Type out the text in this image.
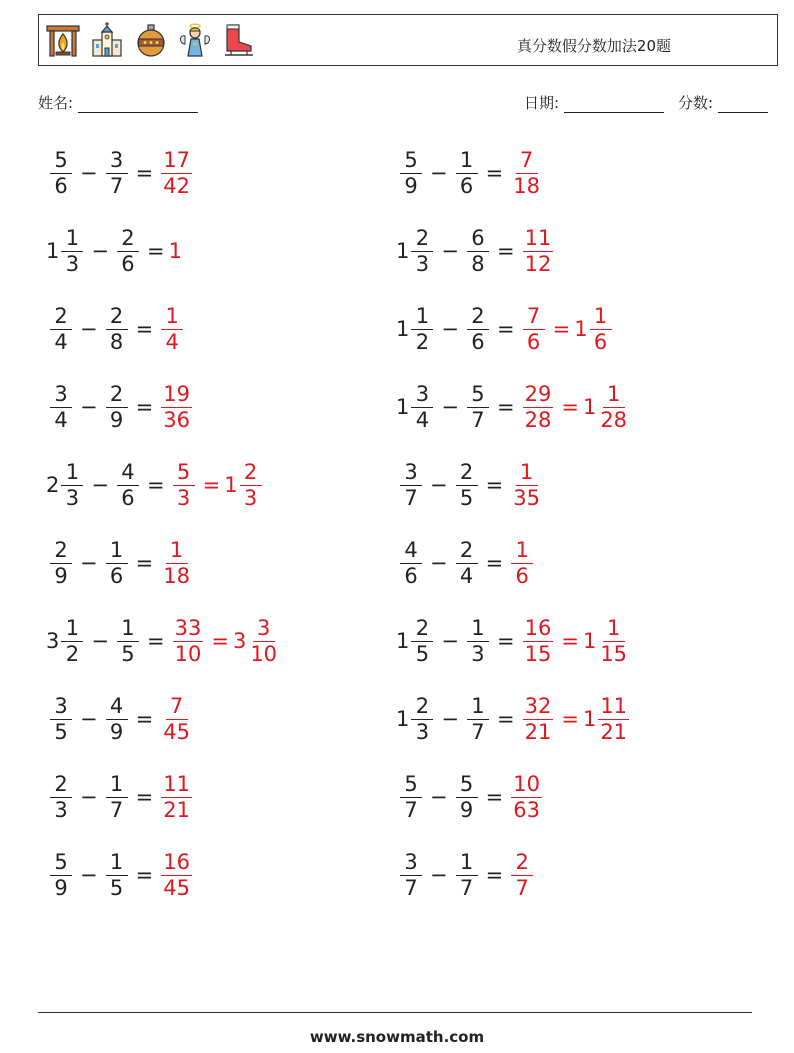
真分数假分数加法20题
姓名:	日期:	分数:
$\frac{5}{6} - \frac{3}{7} = \frac{17}{42}$	$\frac{5}{9} - \frac{1}{6} = \frac{7}{18}$
$1 \frac{1}{3} - \frac{2}{6} = 1$	$1 \frac{2}{3} - \frac{6}{8} = \frac{11}{12}$
$\frac{2}{4} - \frac{2}{8} = \frac{1}{4}$	$1 \frac{1}{2} - \frac{2}{6} = \frac{7}{6} = 1 \frac{1}{6}$
$\frac{3}{4} - \frac{2}{9} = \frac{19}{36}$	$1 \frac{3}{4} - \frac{5}{7} = \frac{29}{28} = 1 \frac{1}{28}$
$2 \frac{1}{3} - \frac{4}{6} = \frac{5}{3} = 1 \frac{2}{3}$	$\frac{3}{7} - \frac{2}{5} = \frac{1}{35}$
$\frac{2}{9} - \frac{1}{6} = \frac{1}{18}$	$\frac{4}{6} - \frac{2}{4} = \frac{1}{6}$
$3 \frac{1}{2} - \frac{1}{5} = \frac{33}{10} = 3 \frac{3}{10}$	$1 \frac{2}{5} - \frac{1}{3} = \frac{16}{15} = 1 \frac{1}{15}$
$\frac{3}{5} - \frac{4}{9} = \frac{7}{45}$	$1 \frac{2}{3} - \frac{1}{7} = \frac{32}{21} = 1 \frac{11}{21}$
$\frac{2}{3} - \frac{1}{7} = \frac{11}{21}$	$\frac{5}{7} - \frac{5}{9} = \frac{10}{63}$
$\frac{5}{9} - \frac{1}{5} = \frac{16}{45}$	$\frac{3}{7} - \frac{1}{7} = \frac{2}{7}$
www.snowmath.com
